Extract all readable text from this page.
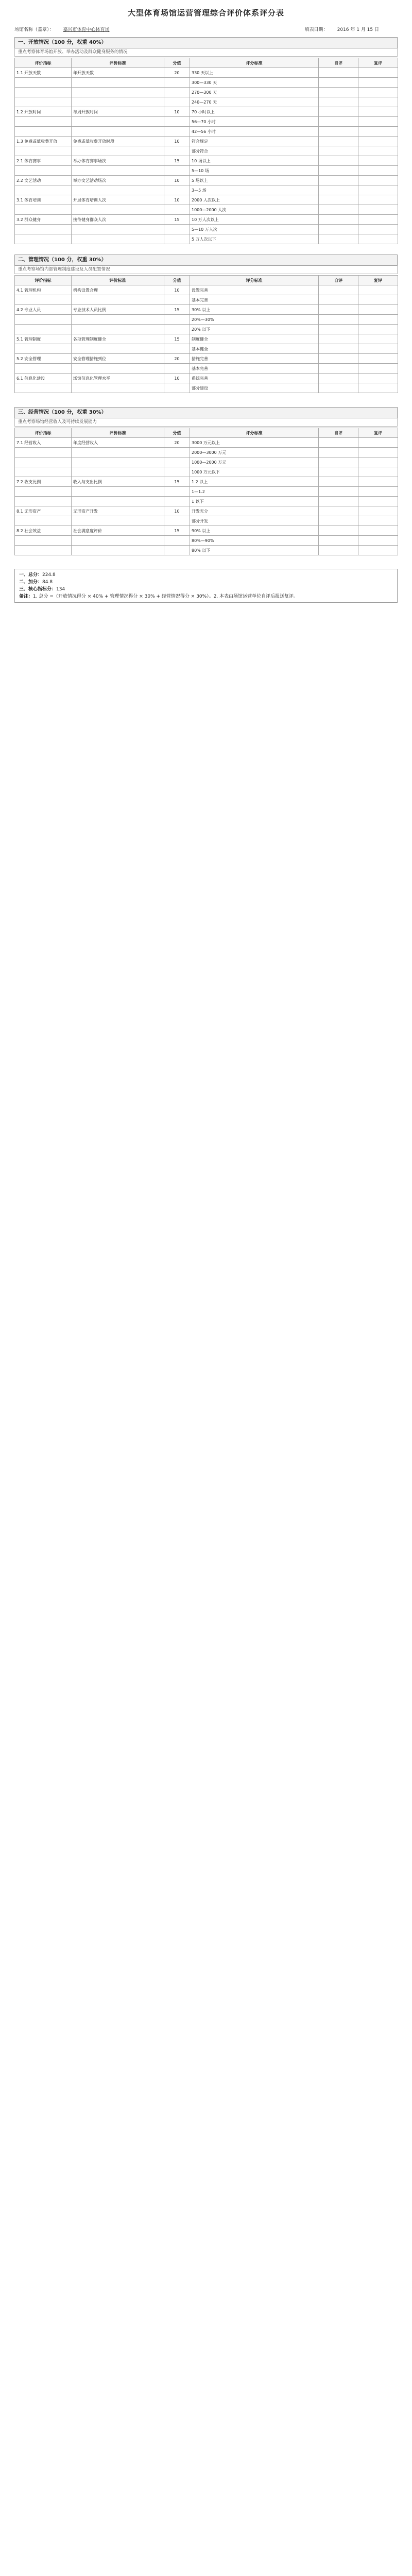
大型体育场馆运营管理综合评价体系评分表
场馆名称（盖章）： 嘉兴市体育中心体育场	填表日期： 2016 年 1 月 15 日
一、开放情况（100 分，权重 40%）
重点考察体育场馆开放、举办活动及群众健身服务的情况
评价指标	评价标准	分值	评分标准	自评	复评
1.1 开放天数	年开放天数	20	330 天以上		
			300—330 天		
			270—300 天		
			240—270 天		
1.2 开放时间	每周开放时间	10	70 小时以上		
			56—70 小时		
			42—56 小时		
1.3 免费或低收费开放	免费或低收费开放时段	10	符合规定		
			部分符合		
2.1 体育赛事	举办体育赛事场次	15	10 场以上		
			5—10 场		
2.2 文艺活动	举办文艺活动场次	10	5 场以上		
			3—5 场		
3.1 体育培训	开展体育培训人次	10	2000 人次以上		
			1000—2000 人次		
3.2 群众健身	接待健身群众人次	15	10 万人次以上		
			5—10 万人次		
			5 万人次以下		
二、管理情况（100 分，权重 30%）
重点考察场馆内部管理制度建设及人员配置情况
评价指标	评价标准	分值	评分标准	自评	复评
4.1 管理机构	机构设置合理	10	设置完善		
			基本完善		
4.2 专业人员	专业技术人员比例	15	30% 以上		
			20%—30%		
			20% 以下		
5.1 管理制度	各项管理制度健全	15	制度健全		
			基本健全		
5.2 安全管理	安全管理措施到位	20	措施完善		
			基本完善		
6.1 信息化建设	场馆信息化管理水平	10	系统完善		
			部分建设		
三、经营情况（100 分，权重 30%）
重点考察场馆经营收入及可持续发展能力
评价指标	评价标准	分值	评分标准	自评	复评
7.1 经营收入	年度经营收入	20	3000 万元以上		
			2000—3000 万元		
			1000—2000 万元		
			1000 万元以下		
7.2 收支比例	收入与支出比例	15	1.2 以上		
			1—1.2		
			1 以下		
8.1 无形资产	无形资产开发	10	开发充分		
			部分开发		
8.2 社会效益	社会满意度评价	15	90% 以上		
			80%—90%		
			80% 以下		
一、总分：224.8
二、加分：84.8
三、核心指标分：134
备注：1. 总分 =（开放情况得分 × 40% + 管理情况得分 × 30% + 经营情况得分 × 30%）。2. 本表由场馆运营单位自评后报送复评。
